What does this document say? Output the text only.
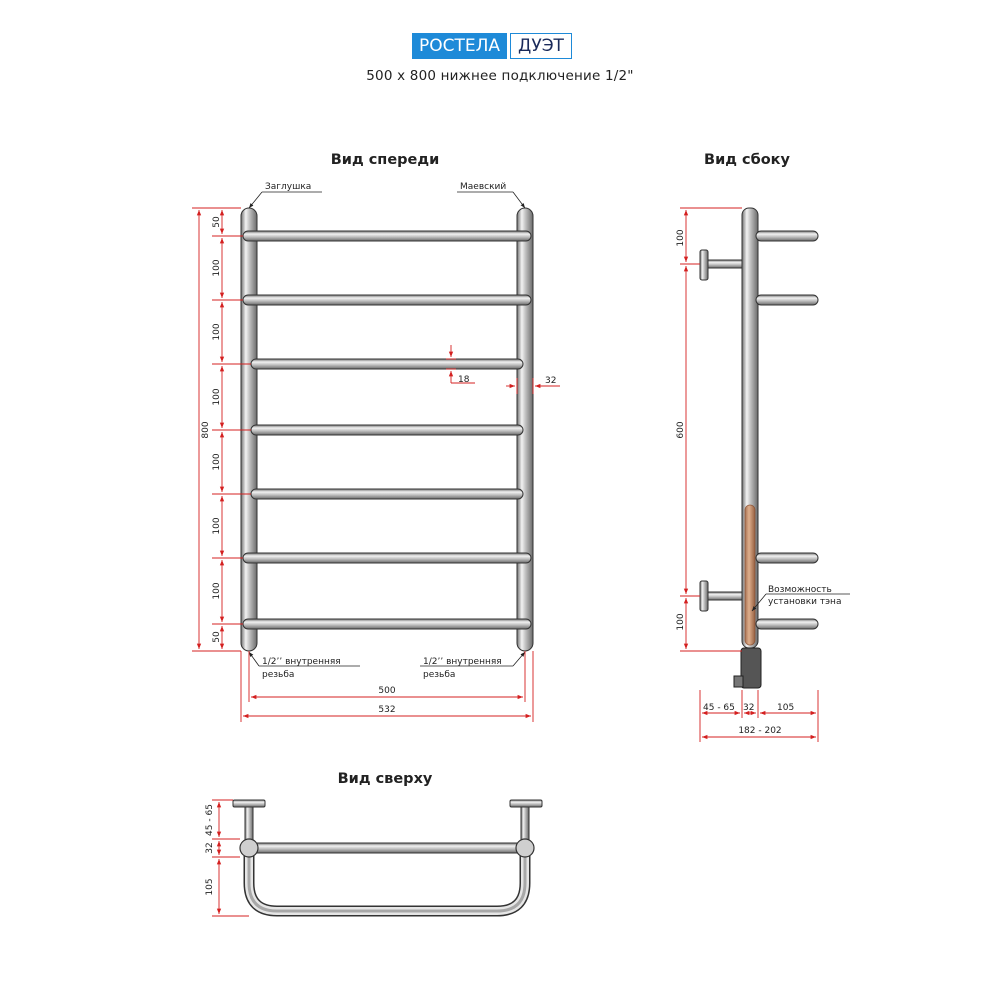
РОСТЕЛА	ДУЭТ
500 x 800 нижнее подключение 1/2"
Вид спереди
Заглушка	Маевский
1/2’’ внутренняя
резьба
1/2’’ внутренняя
резьба
800
50
100
100
100
100
100
100
50
18	32
500
532
Вид сбоку
100
600
100
Возможность
установки тэна
45 - 65 32	105
182 - 202
Вид сверху
45 - 65
32
105
